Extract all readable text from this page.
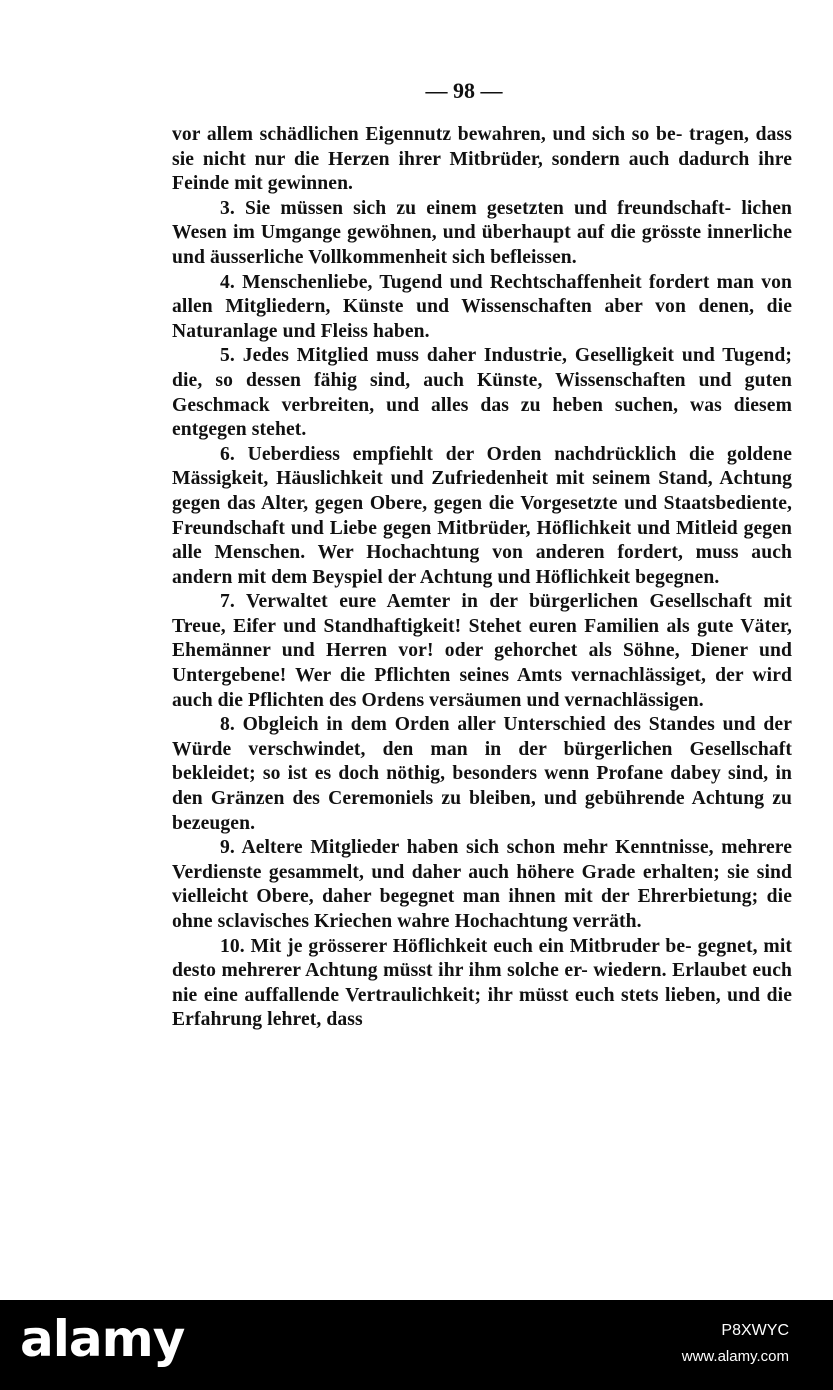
— 98 —

vor allem schädlichen Eigennutz bewahren, und sich so be- tragen, dass sie nicht nur die Herzen ihrer Mitbrüder, sondern auch dadurch ihre Feinde mit gewinnen.

3. Sie müssen sich zu einem gesetzten und freundschaft- lichen Wesen im Umgange gewöhnen, und überhaupt auf die grösste innerliche und äusserliche Vollkommenheit sich befleissen.

4. Menschenliebe, Tugend und Rechtschaffenheit fordert man von allen Mitgliedern, Künste und Wissenschaften aber von denen, die Naturanlage und Fleiss haben.

5. Jedes Mitglied muss daher Industrie, Geselligkeit und Tugend; die, so dessen fähig sind, auch Künste, Wissenschaften und guten Geschmack verbreiten, und alles das zu heben suchen, was diesem entgegen stehet.

6. Ueberdiess empfiehlt der Orden nachdrücklich die goldene Mässigkeit, Häuslichkeit und Zufriedenheit mit seinem Stand, Achtung gegen das Alter, gegen Obere, gegen die Vorgesetzte und Staatsbediente, Freundschaft und Liebe gegen Mitbrüder, Höflichkeit und Mitleid gegen alle Menschen. Wer Hochachtung von anderen fordert, muss auch andern mit dem Beyspiel der Achtung und Höflichkeit begegnen.

7. Verwaltet eure Aemter in der bürgerlichen Gesellschaft mit Treue, Eifer und Standhaftigkeit! Stehet euren Familien als gute Väter, Ehemänner und Herren vor! oder gehorchet als Söhne, Diener und Untergebene! Wer die Pflichten seines Amts vernachlässiget, der wird auch die Pflichten des Ordens versäumen und vernachlässigen.

8. Obgleich in dem Orden aller Unterschied des Standes und der Würde verschwindet, den man in der bürgerlichen Gesellschaft bekleidet; so ist es doch nöthig, besonders wenn Profane dabey sind, in den Gränzen des Ceremoniels zu bleiben, und gebührende Achtung zu bezeugen.

9. Aeltere Mitglieder haben sich schon mehr Kenntnisse, mehrere Verdienste gesammelt, und daher auch höhere Grade erhalten; sie sind vielleicht Obere, daher begegnet man ihnen mit der Ehrerbietung; die ohne sclavisches Kriechen wahre Hochachtung verräth.

10. Mit je grösserer Höflichkeit euch ein Mitbruder be- gegnet, mit desto mehrerer Achtung müsst ihr ihm solche er- wiedern. Erlaubet euch nie eine auffallende Vertraulichkeit; ihr müsst euch stets lieben, und die Erfahrung lehret, dass

alamy	P8XWYC
www.alamy.com
